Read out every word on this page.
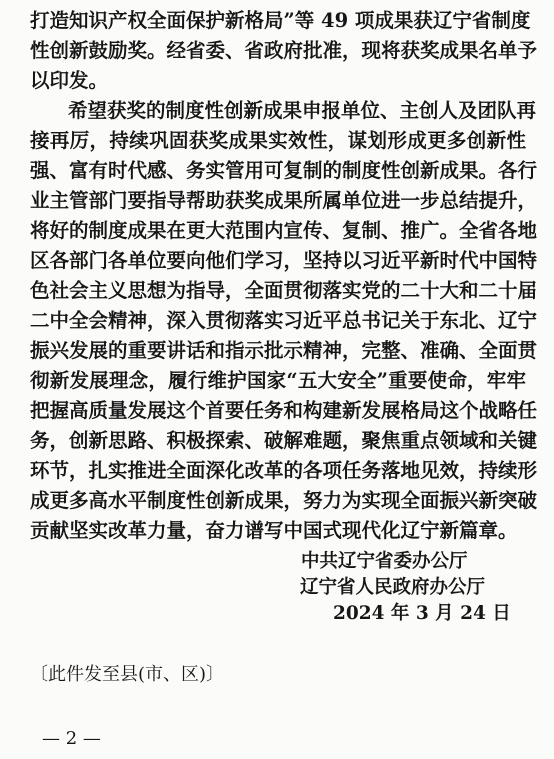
打造知识产权全面保护新格局”等 49 项成果获辽宁省制度
性创新鼓励奖。经省委、省政府批准，现将获奖成果名单予
以印发。
希望获奖的制度性创新成果申报单位、主创人及团队再
接再厉，持续巩固获奖成果实效性，谋划形成更多创新性
强、富有时代感、务实管用可复制的制度性创新成果。各行
业主管部门要指导帮助获奖成果所属单位进一步总结提升，
将好的制度成果在更大范围内宣传、复制、推广。全省各地
区各部门各单位要向他们学习，坚持以习近平新时代中国特
色社会主义思想为指导，全面贯彻落实党的二十大和二十届
二中全会精神，深入贯彻落实习近平总书记关于东北、辽宁
振兴发展的重要讲话和指示批示精神，完整、准确、全面贯
彻新发展理念，履行维护国家“五大安全”重要使命，牢牢
把握高质量发展这个首要任务和构建新发展格局这个战略任
务，创新思路、积极探索、破解难题，聚焦重点领域和关键
环节，扎实推进全面深化改革的各项任务落地见效，持续形
成更多高水平制度性创新成果，努力为实现全面振兴新突破
贡献坚实改革力量，奋力谱写中国式现代化辽宁新篇章。
中共辽宁省委办公厅
辽宁省人民政府办公厅
2024 年 3 月 24 日
〔此件发至县(市、区)〕
— 2 —
